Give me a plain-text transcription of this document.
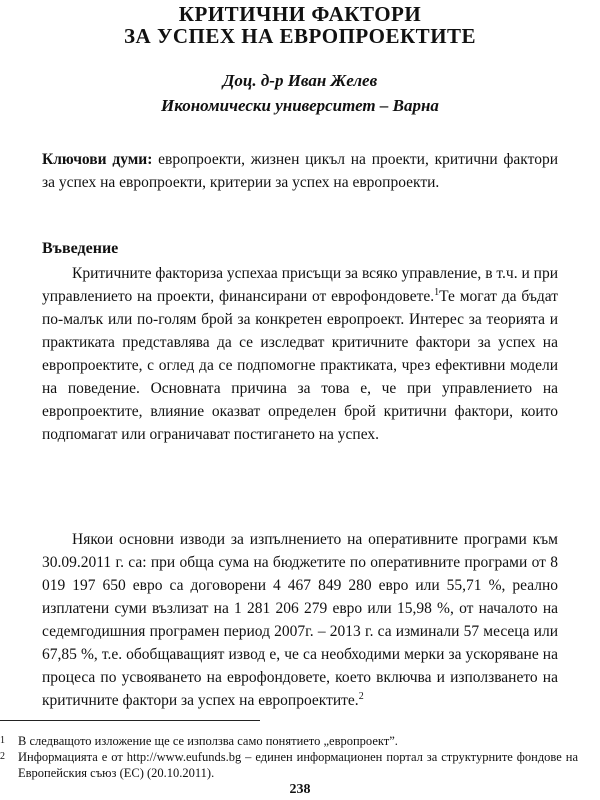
КРИТИЧНИ ФАКТОРИ
ЗА УСПЕХ НА ЕВРОПРОЕКТИТЕ
Доц. д-р Иван Желев
Икономически университет – Варна
Ключови думи: европроекти, жизнен цикъл на проекти, критични фактори за успех на европроекти, критерии за успех на европроекти.
Въведение
Критичните факториза успехаа присъщи за всяко управление, в т.ч. и при управлението на проекти, финансирани от еврофондовете.$^1$Те могат да бъдат по-малък или по-голям брой за конкретен европроект. Интерес за теорията и практиката представлява да се изследват критичните фактори за успех на европроектите, с оглед да се подпомогне практиката, чрез ефективни модели на поведение. Основната причина за това е, че при управлението на европроектите, влияние оказват определен брой критични фактори, които подпомагат или ограничават постигането на успех.
Някои основни изводи за изпълнението на оперативните програми към 30.09.2011 г. са: при обща сума на бюджетите по оперативните програми от 8 019 197 650 евро са договорени 4 467 849 280 евро или 55,71 %, реално изплатени суми възлизат на 1 281 206 279 евро или 15,98 %, от началото на седемгодишния програмен период 2007г. – 2013 г. са изминали 57 месеца или 67,85 %, т.е. обобщаващият извод е, че са необходими мерки за ускоряване на процеса по усвояването на еврофондовете, което включва и използването на критичните фактори за успех на европроектите.$^2$
1 В следващото изложение ще се използва само понятието „европроект”.
2 Информацията е от http://www.eufunds.bg – единен информационен портал за структурните фондове на Европейския съюз (ЕС) (20.10.2011).
238
